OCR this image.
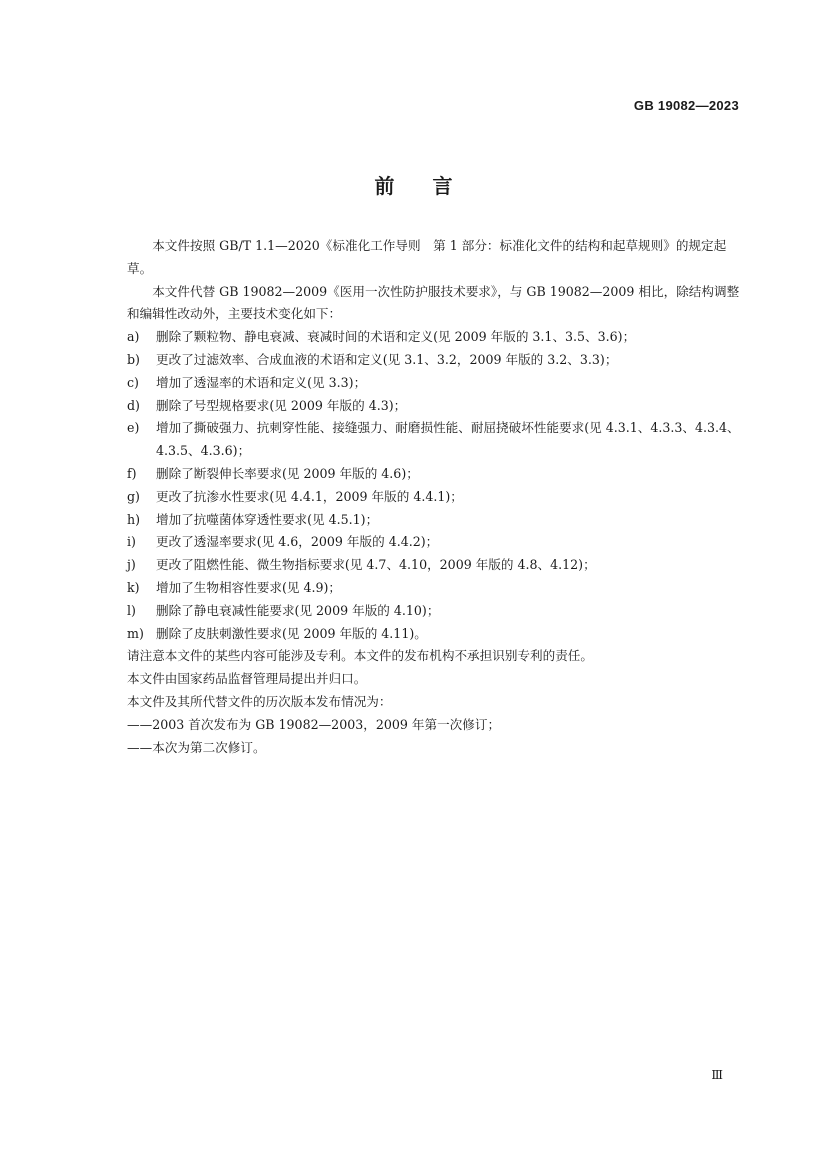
GB 19082—2023
前言

本文件按照 GB/T 1.1—2020《标准化工作导则　第 1 部分：标准化文件的结构和起草规则》的规定起草。

本文件代替 GB 19082—2009《医用一次性防护服技术要求》，与 GB 19082—2009 相比，除结构调整和编辑性改动外，主要技术变化如下：

a)	删除了颗粒物、静电衰减、衰减时间的术语和定义(见 2009 年版的 3.1、3.5、3.6)；
b)	更改了过滤效率、合成血液的术语和定义(见 3.1、3.2，2009 年版的 3.2、3.3)；
c)	增加了透湿率的术语和定义(见 3.3)；
d)	删除了号型规格要求(见 2009 年版的 4.3)；
e)	增加了撕破强力、抗刺穿性能、接缝强力、耐磨损性能、耐屈挠破坏性能要求(见 4.3.1、4.3.3、4.3.4、4.3.5、4.3.6)；
f)	删除了断裂伸长率要求(见 2009 年版的 4.6)；
g)	更改了抗渗水性要求(见 4.4.1，2009 年版的 4.4.1)；
h)	增加了抗噬菌体穿透性要求(见 4.5.1)；
i)	更改了透湿率要求(见 4.6，2009 年版的 4.4.2)；
j)	更改了阻燃性能、微生物指标要求(见 4.7、4.10，2009 年版的 4.8、4.12)；
k)	增加了生物相容性要求(见 4.9)；
l)	删除了静电衰减性能要求(见 2009 年版的 4.10)；
m) 删除了皮肤刺激性要求(见 2009 年版的 4.11)。

请注意本文件的某些内容可能涉及专利。本文件的发布机构不承担识别专利的责任。

本文件由国家药品监督管理局提出并归口。

本文件及其所代替文件的历次版本发布情况为：

——2003 首次发布为 GB 19082—2003，2009 年第一次修订；

——本次为第二次修订。

Ⅲ
